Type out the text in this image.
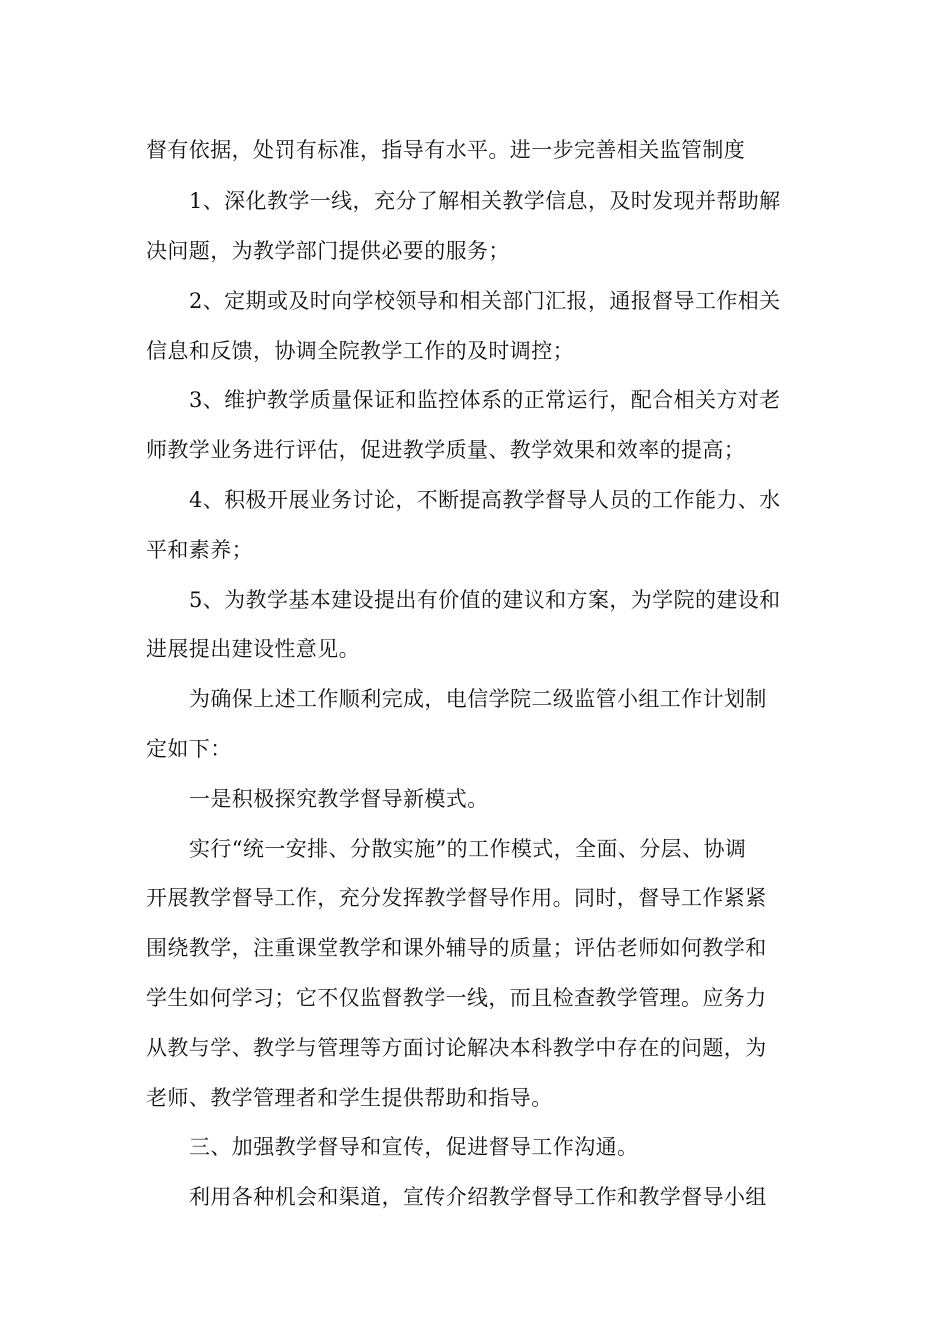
督有依据，处罚有标准，指导有水平。进一步完善相关监管制度
1、深化教学一线，充分了解相关教学信息，及时发现并帮助解
决问题，为教学部门提供必要的服务；
2、定期或及时向学校领导和相关部门汇报，通报督导工作相关
信息和反馈，协调全院教学工作的及时调控；
3、维护教学质量保证和监控体系的正常运行，配合相关方对老
师教学业务进行评估，促进教学质量、教学效果和效率的提高；
4、积极开展业务讨论，不断提高教学督导人员的工作能力、水
平和素养；
5、为教学基本建设提出有价值的建议和方案，为学院的建设和
进展提出建设性意见。
为确保上述工作顺利完成，电信学院二级监管小组工作计划制
定如下：
一是积极探究教学督导新模式。
实行“统一安排、分散实施”的工作模式，全面、分层、协调
开展教学督导工作，充分发挥教学督导作用。同时，督导工作紧紧
围绕教学，注重课堂教学和课外辅导的质量；评估老师如何教学和
学生如何学习；它不仅监督教学一线，而且检查教学管理。应务力
从教与学、教学与管理等方面讨论解决本科教学中存在的问题，为
老师、教学管理者和学生提供帮助和指导。
三、加强教学督导和宣传，促进督导工作沟通。
利用各种机会和渠道，宣传介绍教学督导工作和教学督导小组
